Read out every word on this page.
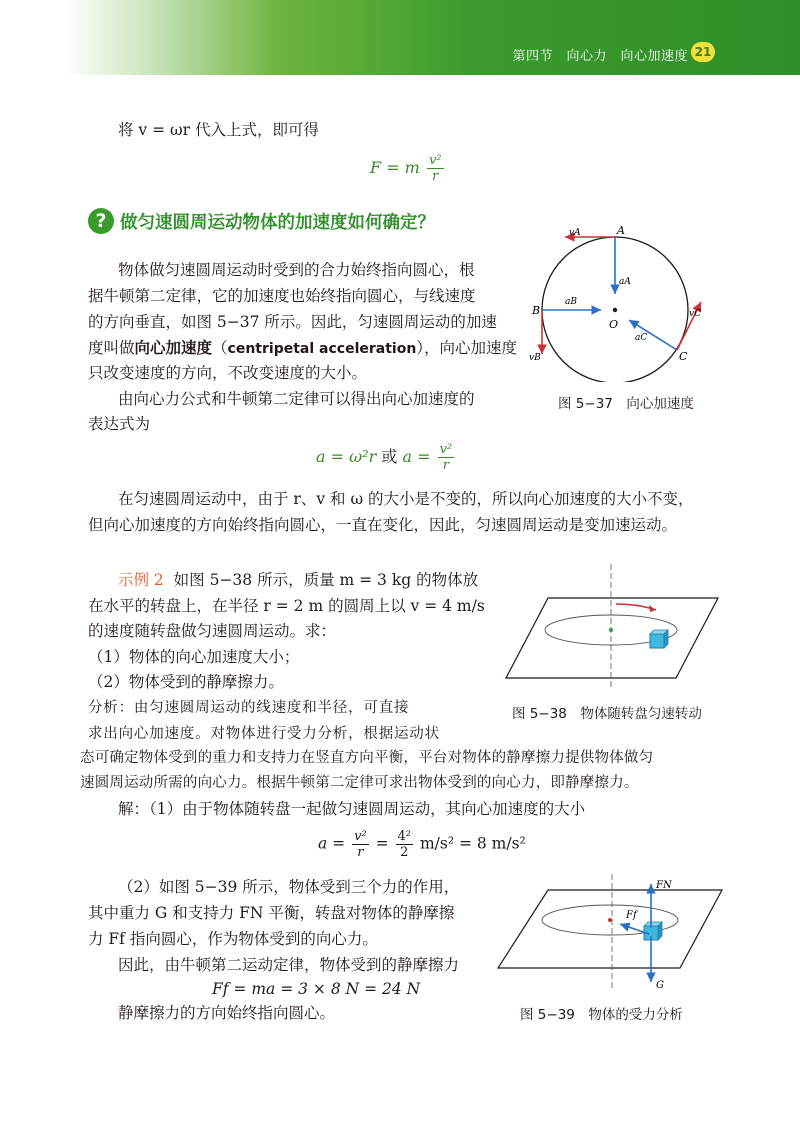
第四节　向心力　向心加速度 21
将 v = ωr 代入上式，即可得
F = m $\frac{\text{v²}}{r}$
? 做匀速圆周运动物体的加速度如何确定？
物体做匀速圆周运动时受到的合力始终指向圆心，根
据牛顿第二定律，它的加速度也始终指向圆心，与线速度
的方向垂直，如图 5−37 所示。因此，匀速圆周运动的加速
度叫做向心加速度（centripetal acceleration），向心加速度
只改变速度的方向，不改变速度的大小。
由向心力公式和牛顿第二定律可以得出向心加速度的
表达式为
a = ω²r 或 $a = \frac{\text{v²}}{r}$
在匀速圆周运动中，由于 r、v 和 ω 的大小是不变的，所以向心加速度的大小不变，
但向心加速度的方向始终指向圆心，一直在变化，因此，匀速圆周运动是变加速运动。
A
B
C
O
vA
vB
vC
aA
aB
aC
图 5−37　向心加速度
示例 2 如图 5−38 所示，质量 m = 3 kg 的物体放
在水平的转盘上，在半径 r = 2 m 的圆周上以 v = 4 m/s
的速度随转盘做匀速圆周运动。求：
（1）物体的向心加速度大小；
（2）物体受到的静摩擦力。
图 5−38　物体随转盘匀速转动
分析：由匀速圆周运动的线速度和半径，可直接
求出向心加速度。对物体进行受力分析，根据运动状
态可确定物体受到的重力和支持力在竖直方向平衡，平台对物体的静摩擦力提供物体做匀
速圆周运动所需的向心力。根据牛顿第二定律可求出物体受到的向心力，即静摩擦力。
解：（1）由于物体随转盘一起做匀速圆周运动，其向心加速度的大小
$a = \frac{\text{v²}}{r} = \frac{\text{4²}}{2} m/s^2 = 8$ m/s²
（2）如图 5−39 所示，物体受到三个力的作用，
其中重力 G 和支持力 FN 平衡，转盘对物体的静摩擦
力 Ff 指向圆心，作为物体受到的向心力。
因此，由牛顿第二运动定律，物体受到的静摩擦力
Ff = ma = 3 × 8 N = 24 N
静摩擦力的方向始终指向圆心。
FN
Ff
G
图 5−39　物体的受力分析
